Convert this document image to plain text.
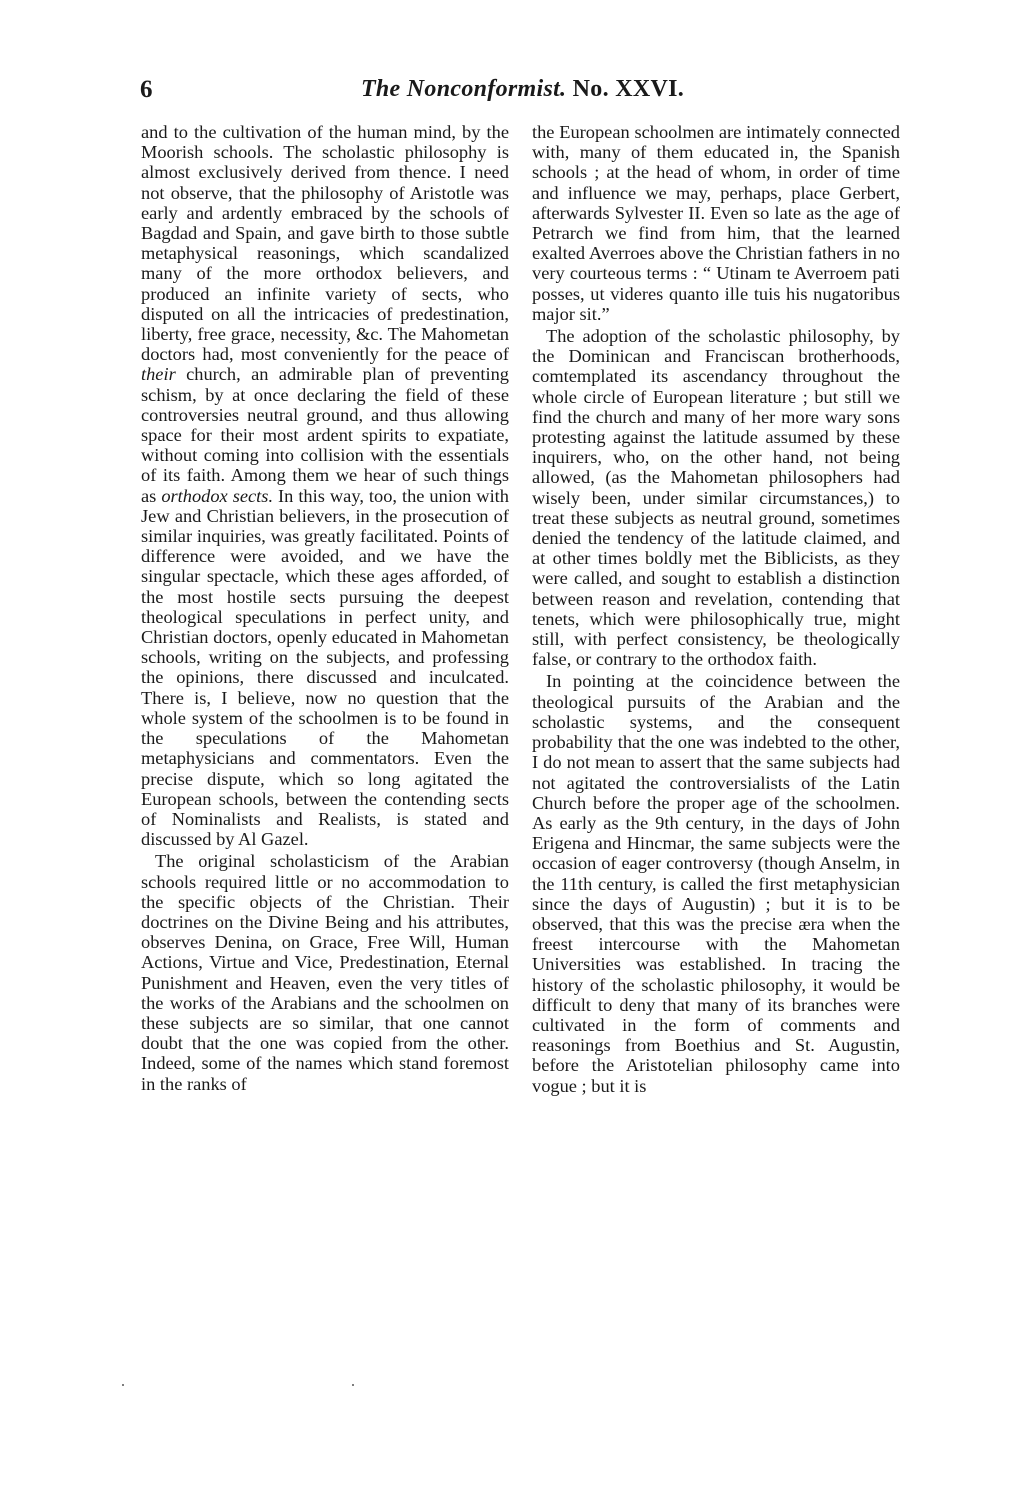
6	The Nonconformist. No. XXVI.

and to the cultivation of the human mind, by the Moorish schools. The scholastic philosophy is almost exclusively derived from thence. I need not observe, that the philosophy of Aristotle was early and ardently embraced by the schools of Bagdad and Spain, and gave birth to those subtle metaphysical reasonings, which scandalized many of the more orthodox believers, and produced an infinite variety of sects, who disputed on all the intricacies of predestination, liberty, free grace, necessity, &c. The Mahometan doctors had, most conveniently for the peace of their church, an admirable plan of preventing schism, by at once declaring the field of these controversies neutral ground, and thus allowing space for their most ardent spirits to expatiate, without coming into collision with the essentials of its faith. Among them we hear of such things as orthodox sects. In this way, too, the union with Jew and Christian believers, in the prosecution of similar inquiries, was greatly facilitated. Points of difference were avoided, and we have the singular spectacle, which these ages afforded, of the most hostile sects pursuing the deepest theological speculations in perfect unity, and Christian doctors, openly educated in Mahometan schools, writing on the subjects, and professing the opinions, there discussed and inculcated. There is, I believe, now no question that the whole system of the schoolmen is to be found in the speculations of the Mahometan metaphysicians and commentators. Even the precise dispute, which so long agitated the European schools, between the contending sects of Nominalists and Realists, is stated and discussed by Al Gazel.

The original scholasticism of the Arabian schools required little or no accommodation to the specific objects of the Christian. Their doctrines on the Divine Being and his attributes, observes Denina, on Grace, Free Will, Human Actions, Virtue and Vice, Predestination, Eternal Punishment and Heaven, even the very titles of the works of the Arabians and the schoolmen on these subjects are so similar, that one cannot doubt that the one was copied from the other. Indeed, some of the names which stand foremost in the ranks of

the European schoolmen are intimately connected with, many of them educated in, the Spanish schools ; at the head of whom, in order of time and influence we may, perhaps, place Gerbert, afterwards Sylvester II. Even so late as the age of Petrarch we find from him, that the learned exalted Averroes above the Christian fathers in no very courteous terms : “ Utinam te Averroem pati posses, ut videres quanto ille tuis his nugatoribus major sit.”

The adoption of the scholastic philosophy, by the Dominican and Franciscan brotherhoods, comtemplated its ascendancy throughout the whole circle of European literature ; but still we find the church and many of her more wary sons protesting against the latitude assumed by these inquirers, who, on the other hand, not being allowed, (as the Mahometan philosophers had wisely been, under similar circumstances,) to treat these subjects as neutral ground, sometimes denied the tendency of the latitude claimed, and at other times boldly met the Biblicists, as they were called, and sought to establish a distinction between reason and revelation, contending that tenets, which were philosophically true, might still, with perfect consistency, be theologically false, or contrary to the orthodox faith.

In pointing at the coincidence between the theological pursuits of the Arabian and the scholastic systems, and the consequent probability that the one was indebted to the other, I do not mean to assert that the same subjects had not agitated the controversialists of the Latin Church before the proper age of the schoolmen. As early as the 9th century, in the days of John Erigena and Hincmar, the same subjects were the occasion of eager controversy (though Anselm, in the 11th century, is called the first metaphysician since the days of Augustin) ; but it is to be observed, that this was the precise æra when the freest intercourse with the Mahometan Universities was established. In tracing the history of the scholastic philosophy, it would be difficult to deny that many of its branches were cultivated in the form of comments and reasonings from Boethius and St. Augustin, before the Aristotelian philosophy came into vogue ; but it is
